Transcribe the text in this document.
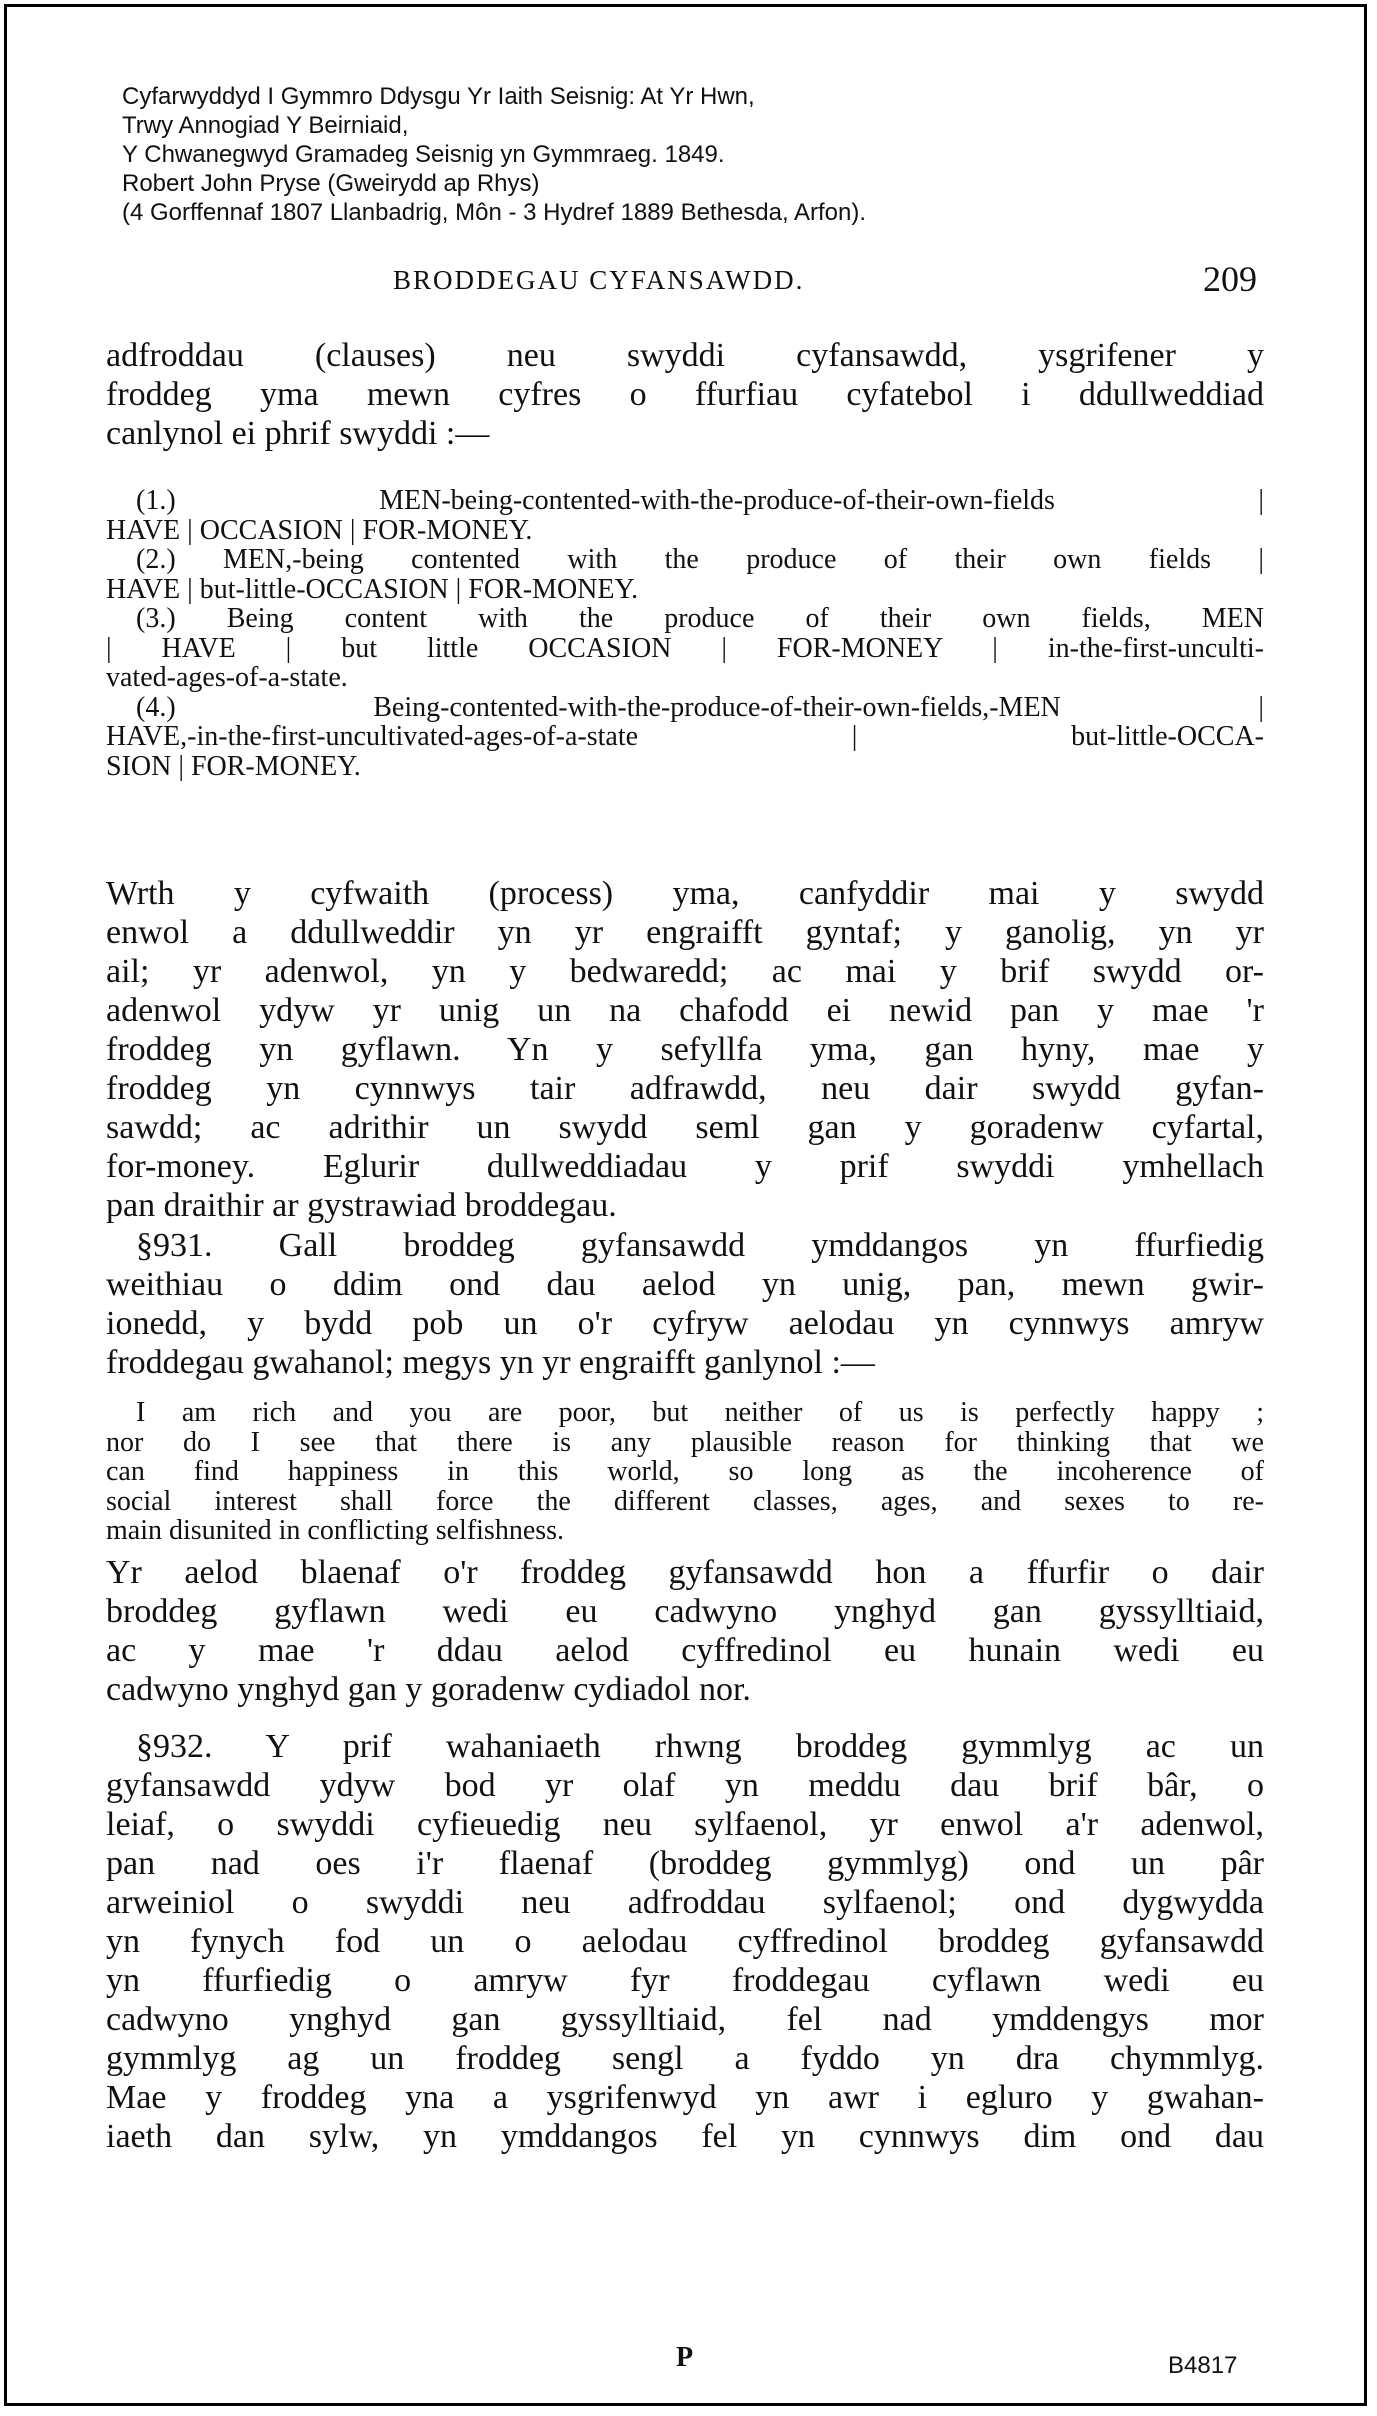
Cyfarwyddyd I Gymmro Ddysgu Yr Iaith Seisnig: At Yr Hwn,
Trwy Annogiad Y Beirniaid,
Y Chwanegwyd Gramadeg Seisnig yn Gymmraeg. 1849.
Robert John Pryse (Gweirydd ap Rhys)
(4 Gorffennaf 1807 Llanbadrig, Môn - 3 Hydref 1889 Bethesda, Arfon).
BRODDEGAU CYFANSAWDD.	209
adfroddau (clauses) neu swyddi cyfansawdd, ysgrifener y
froddeg yma mewn cyfres o ffurfiau cyfatebol i ddullweddiad
canlynol ei phrif swyddi :—
(1.) MEN-being-contented-with-the-produce-of-their-own-fields |
HAVE | OCCASION | FOR-MONEY.
(2.) MEN,-being contented with the produce of their own fields |
HAVE | but-little-OCCASION | FOR-MONEY.
(3.) Being content with the produce of their own fields, MEN
| HAVE | but little OCCASION | FOR-MONEY | in-the-first-unculti-
vated-ages-of-a-state.
(4.) Being-contented-with-the-produce-of-their-own-fields,-MEN |
HAVE,-in-the-first-uncultivated-ages-of-a-state | but-little-OCCA-
SION | FOR-MONEY.
Wrth y cyfwaith (process) yma, canfyddir mai y swydd
enwol a ddullweddir yn yr engraifft gyntaf; y ganolig, yn yr
ail; yr adenwol, yn y bedwaredd; ac mai y brif swydd or-
adenwol ydyw yr unig un na chafodd ei newid pan y mae 'r
froddeg yn gyflawn. Yn y sefyllfa yma, gan hyny, mae y
froddeg yn cynnwys tair adfrawdd, neu dair swydd gyfan-
sawdd; ac adrithir un swydd seml gan y goradenw cyfartal,
for-money. Eglurir dullweddiadau y prif swyddi ymhellach
pan draithir ar gystrawiad broddegau.
§931. Gall broddeg gyfansawdd ymddangos yn ffurfiedig
weithiau o ddim ond dau aelod yn unig, pan, mewn gwir-
ionedd, y bydd pob un o'r cyfryw aelodau yn cynnwys amryw
froddegau gwahanol; megys yn yr engraifft ganlynol :—
I am rich and you are poor, but neither of us is perfectly happy ;
nor do I see that there is any plausible reason for thinking that we
can find happiness in this world, so long as the incoherence of
social interest shall force the different classes, ages, and sexes to re-
main disunited in conflicting selfishness.
Yr aelod blaenaf o'r froddeg gyfansawdd hon a ffurfir o dair
broddeg gyflawn wedi eu cadwyno ynghyd gan gyssylltiaid,
ac y mae 'r ddau aelod cyffredinol eu hunain wedi eu
cadwyno ynghyd gan y goradenw cydiadol nor.
§932. Y prif wahaniaeth rhwng broddeg gymmlyg ac un
gyfansawdd ydyw bod yr olaf yn meddu dau brif bâr, o
leiaf, o swyddi cyfieuedig neu sylfaenol, yr enwol a'r adenwol,
pan nad oes i'r flaenaf (broddeg gymmlyg) ond un pâr
arweiniol o swyddi neu adfroddau sylfaenol; ond dygwydda
yn fynych fod un o aelodau cyffredinol broddeg gyfansawdd
yn ffurfiedig o amryw fyr froddegau cyflawn wedi eu
cadwyno ynghyd gan gyssylltiaid, fel nad ymddengys mor
gymmlyg ag un froddeg sengl a fyddo yn dra chymmlyg.
Mae y froddeg yna a ysgrifenwyd yn awr i egluro y gwahan-
iaeth dan sylw, yn ymddangos fel yn cynnwys dim ond dau
P	B4817
